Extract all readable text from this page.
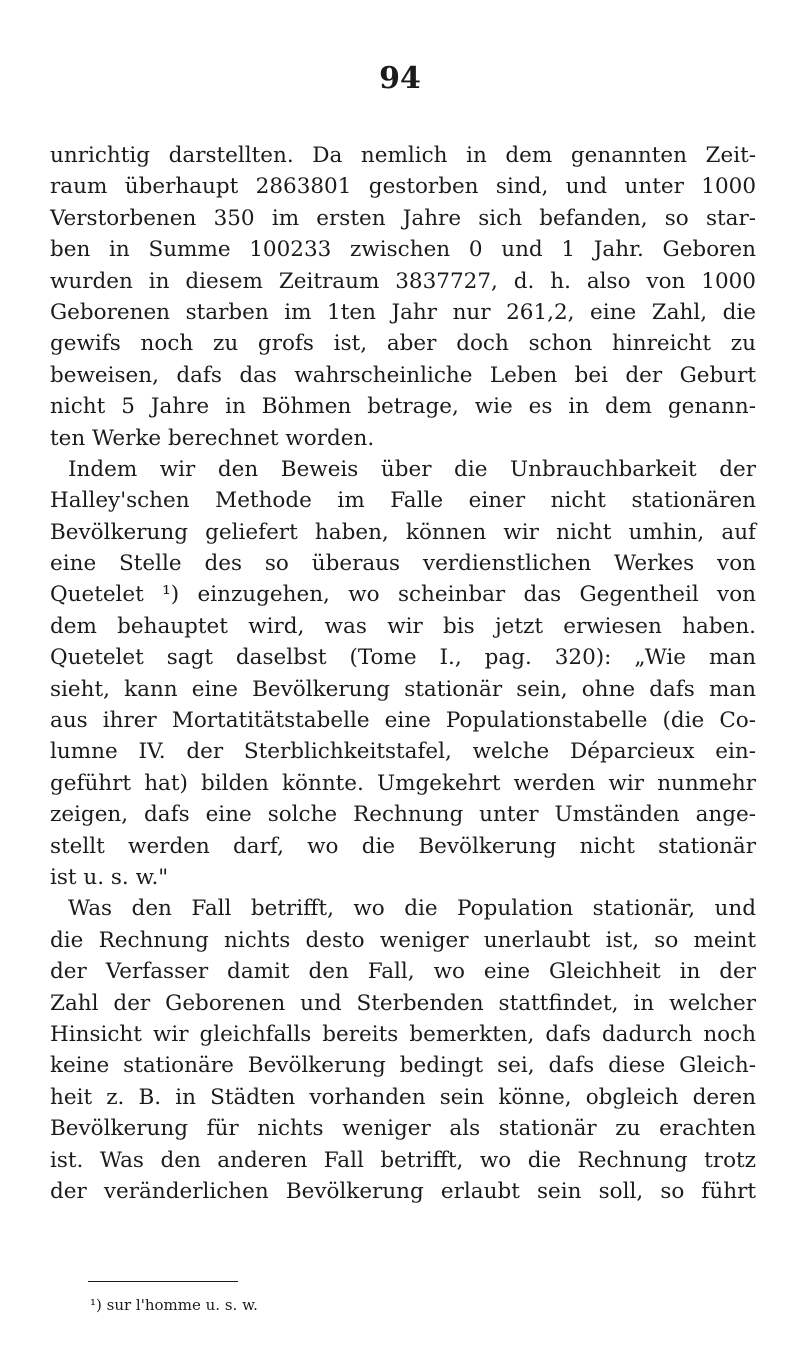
94
unrichtig darstellten. Da nemlich in dem genannten Zeit-
raum überhaupt 2863801 gestorben sind, und unter 1000
Verstorbenen 350 im ersten Jahre sich befanden, so star-
ben in Summe 100233 zwischen 0 und 1 Jahr. Geboren
wurden in diesem Zeitraum 3837727, d. h. also von 1000
Geborenen starben im 1ten Jahr nur 261,2, eine Zahl, die
gewifs noch zu grofs ist, aber doch schon hinreicht zu
beweisen, dafs das wahrscheinliche Leben bei der Geburt
nicht 5 Jahre in Böhmen betrage, wie es in dem genann-
ten Werke berechnet worden.
Indem wir den Beweis über die Unbrauchbarkeit der
Halley'schen Methode im Falle einer nicht stationären
Bevölkerung geliefert haben, können wir nicht umhin, auf
eine Stelle des so überaus verdienstlichen Werkes von
Quetelet ¹) einzugehen, wo scheinbar das Gegentheil von
dem behauptet wird, was wir bis jetzt erwiesen haben.
Quetelet sagt daselbst (Tome I., pag. 320): „Wie man
sieht, kann eine Bevölkerung stationär sein, ohne dafs man
aus ihrer Mortatitätstabelle eine Populationstabelle (die Co-
lumne IV. der Sterblichkeitstafel, welche Déparcieux ein-
geführt hat) bilden könnte. Umgekehrt werden wir nunmehr
zeigen, dafs eine solche Rechnung unter Umständen ange-
stellt werden darf, wo die Bevölkerung nicht stationär
ist u. s. w."
Was den Fall betrifft, wo die Population stationär, und
die Rechnung nichts desto weniger unerlaubt ist, so meint
der Verfasser damit den Fall, wo eine Gleichheit in der
Zahl der Geborenen und Sterbenden stattfindet, in welcher
Hinsicht wir gleichfalls bereits bemerkten, dafs dadurch noch
keine stationäre Bevölkerung bedingt sei, dafs diese Gleich-
heit z. B. in Städten vorhanden sein könne, obgleich deren
Bevölkerung für nichts weniger als stationär zu erachten
ist. Was den anderen Fall betrifft, wo die Rechnung trotz
der veränderlichen Bevölkerung erlaubt sein soll, so führt
¹) sur l'homme u. s. w.
